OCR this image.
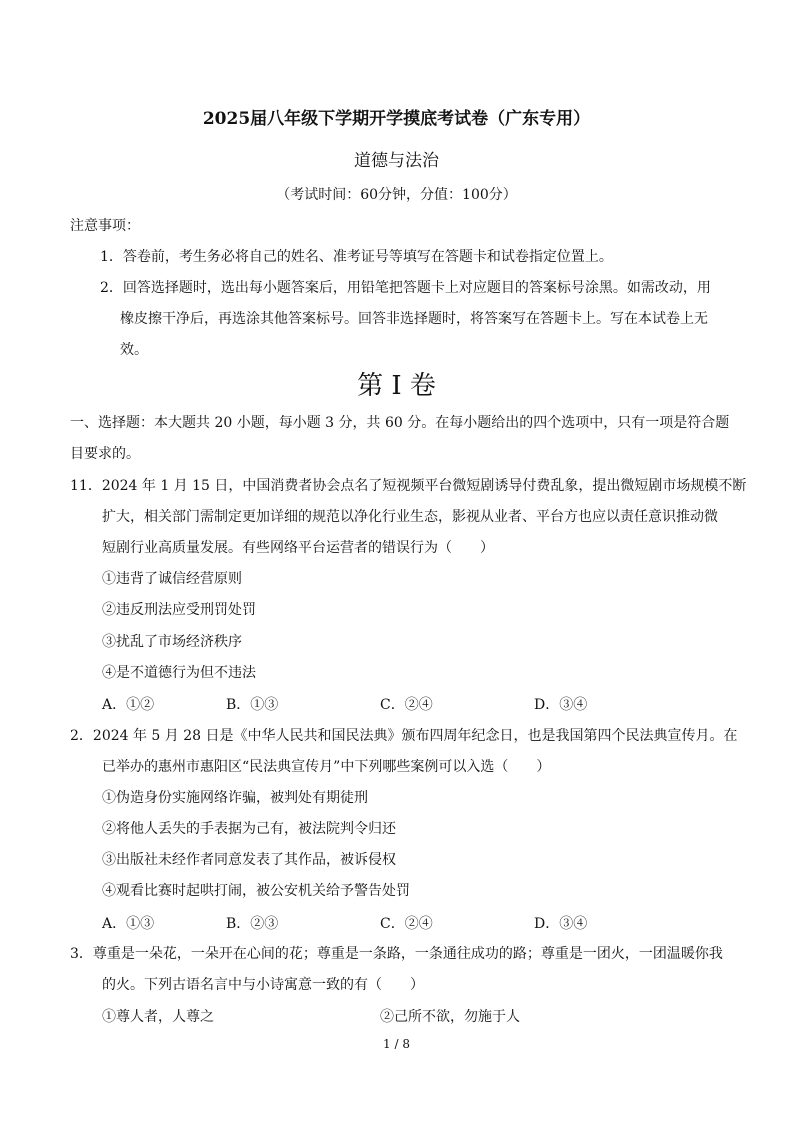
2025届八年级下学期开学摸底考试卷（广东专用）
道德与法治
（考试时间：60分钟，分值：100分）
注意事项：
1．答卷前，考生务必将自己的姓名、准考证号等填写在答题卡和试卷指定位置上。
2．回答选择题时，选出每小题答案后，用铅笔把答题卡上对应题目的答案标号涂黑。如需改动，用
橡皮擦干净后，再选涂其他答案标号。回答非选择题时，将答案写在答题卡上。写在本试卷上无
效。
第 I 卷
一、选择题：本大题共 20 小题，每小题 3 分，共 60 分。在每小题给出的四个选项中，只有一项是符合题
目要求的。
11．2024 年 1 月 15 日，中国消费者协会点名了短视频平台微短剧诱导付费乱象，提出微短剧市场规模不断
扩大，相关部门需制定更加详细的规范以净化行业生态，影视从业者、平台方也应以责任意识推动微
短剧行业高质量发展。有些网络平台运营者的错误行为（　　）
①违背了诚信经营原则
②违反刑法应受刑罚处罚
③扰乱了市场经济秩序
④是不道德行为但不违法
A．①②	B．①③	C．②④	D．③④
2．2024 年 5 月 28 日是《中华人民共和国民法典》颁布四周年纪念日，也是我国第四个民法典宣传月。在
已举办的惠州市惠阳区“民法典宣传月”中下列哪些案例可以入选（　　）
①伪造身份实施网络诈骗，被判处有期徒刑
②将他人丢失的手表据为己有，被法院判令归还
③出版社未经作者同意发表了其作品，被诉侵权
④观看比赛时起哄打闹，被公安机关给予警告处罚
A．①③	B．②③	C．②④	D．③④
3．尊重是一朵花，一朵开在心间的花；尊重是一条路，一条通往成功的路；尊重是一团火，一团温暖你我
的火。下列古语名言中与小诗寓意一致的有（　　）
①尊人者，人尊之	②己所不欲，勿施于人
1 / 8
